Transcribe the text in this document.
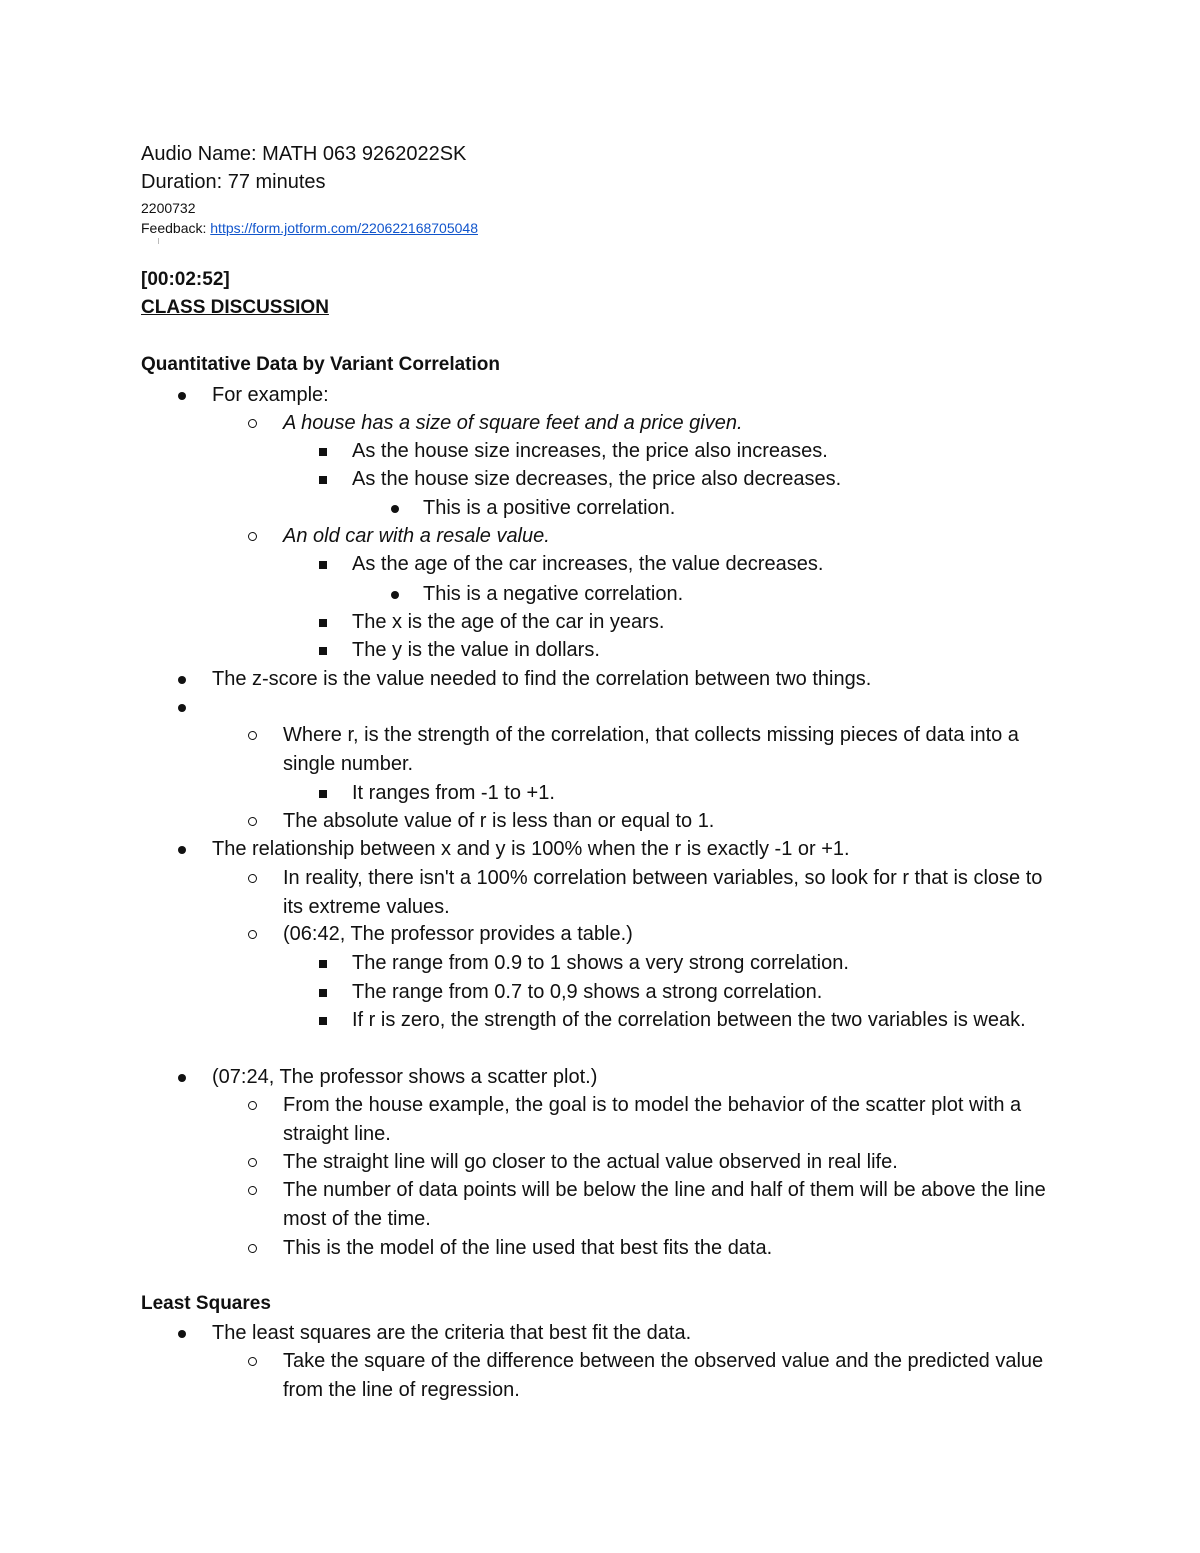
Audio Name: MATH 063 9262022SK
Duration: 77 minutes
2200732
Feedback: https://form.jotform.com/220622168705048
[00:02:52]
CLASS DISCUSSION
Quantitative Data by Variant Correlation
For example:
A house has a size of square feet and a price given.
As the house size increases, the price also increases.
As the house size decreases, the price also decreases.
This is a positive correlation.
An old car with a resale value.
As the age of the car increases, the value decreases.
This is a negative correlation.
The x is the age of the car in years.
The y is the value in dollars.
The z-score is the value needed to find the correlation between two things.
Where r, is the strength of the correlation, that collects missing pieces of data into a single number.
It ranges from -1 to +1.
The absolute value of r is less than or equal to 1.
The relationship between x and y is 100% when the r is exactly -1 or +1.
In reality, there isn't a 100% correlation between variables, so look for r that is close to its extreme values.
(06:42, The professor provides a table.)
The range from 0.9 to 1 shows a very strong correlation.
The range from 0.7 to 0,9 shows a strong correlation.
If r is zero, the strength of the correlation between the two variables is weak.
(07:24, The professor shows a scatter plot.)
From the house example, the goal is to model the behavior of the scatter plot with a straight line.
The straight line will go closer to the actual value observed in real life.
The number of data points will be below the line and half of them will be above the line most of the time.
This is the model of the line used that best fits the data.
Least Squares
The least squares are the criteria that best fit the data.
Take the square of the difference between the observed value and the predicted value from the line of regression.
